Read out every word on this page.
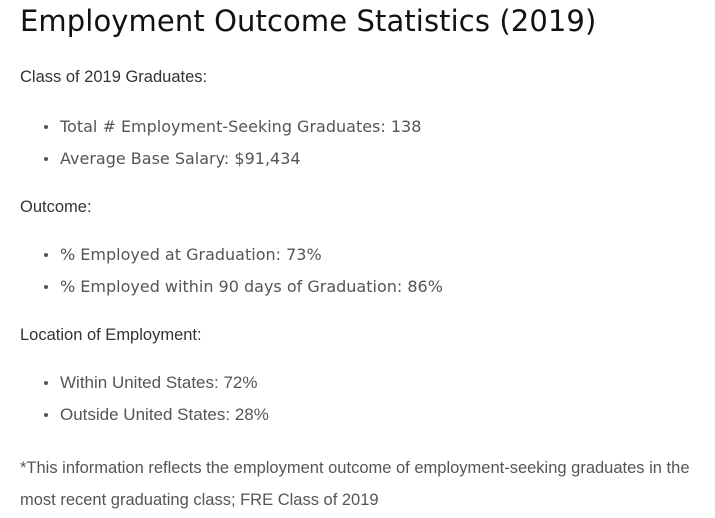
Employment Outcome Statistics (2019)

Class of 2019 Graduates:

Total # Employment-Seeking Graduates: 138
Average Base Salary: $91,434

Outcome:

% Employed at Graduation: 73%
% Employed within 90 days of Graduation: 86%

Location of Employment:

Within United States: 72%
Outside United States: 28%

*This information reflects the employment outcome of employment-seeking graduates in the most recent graduating class; FRE Class of 2019
